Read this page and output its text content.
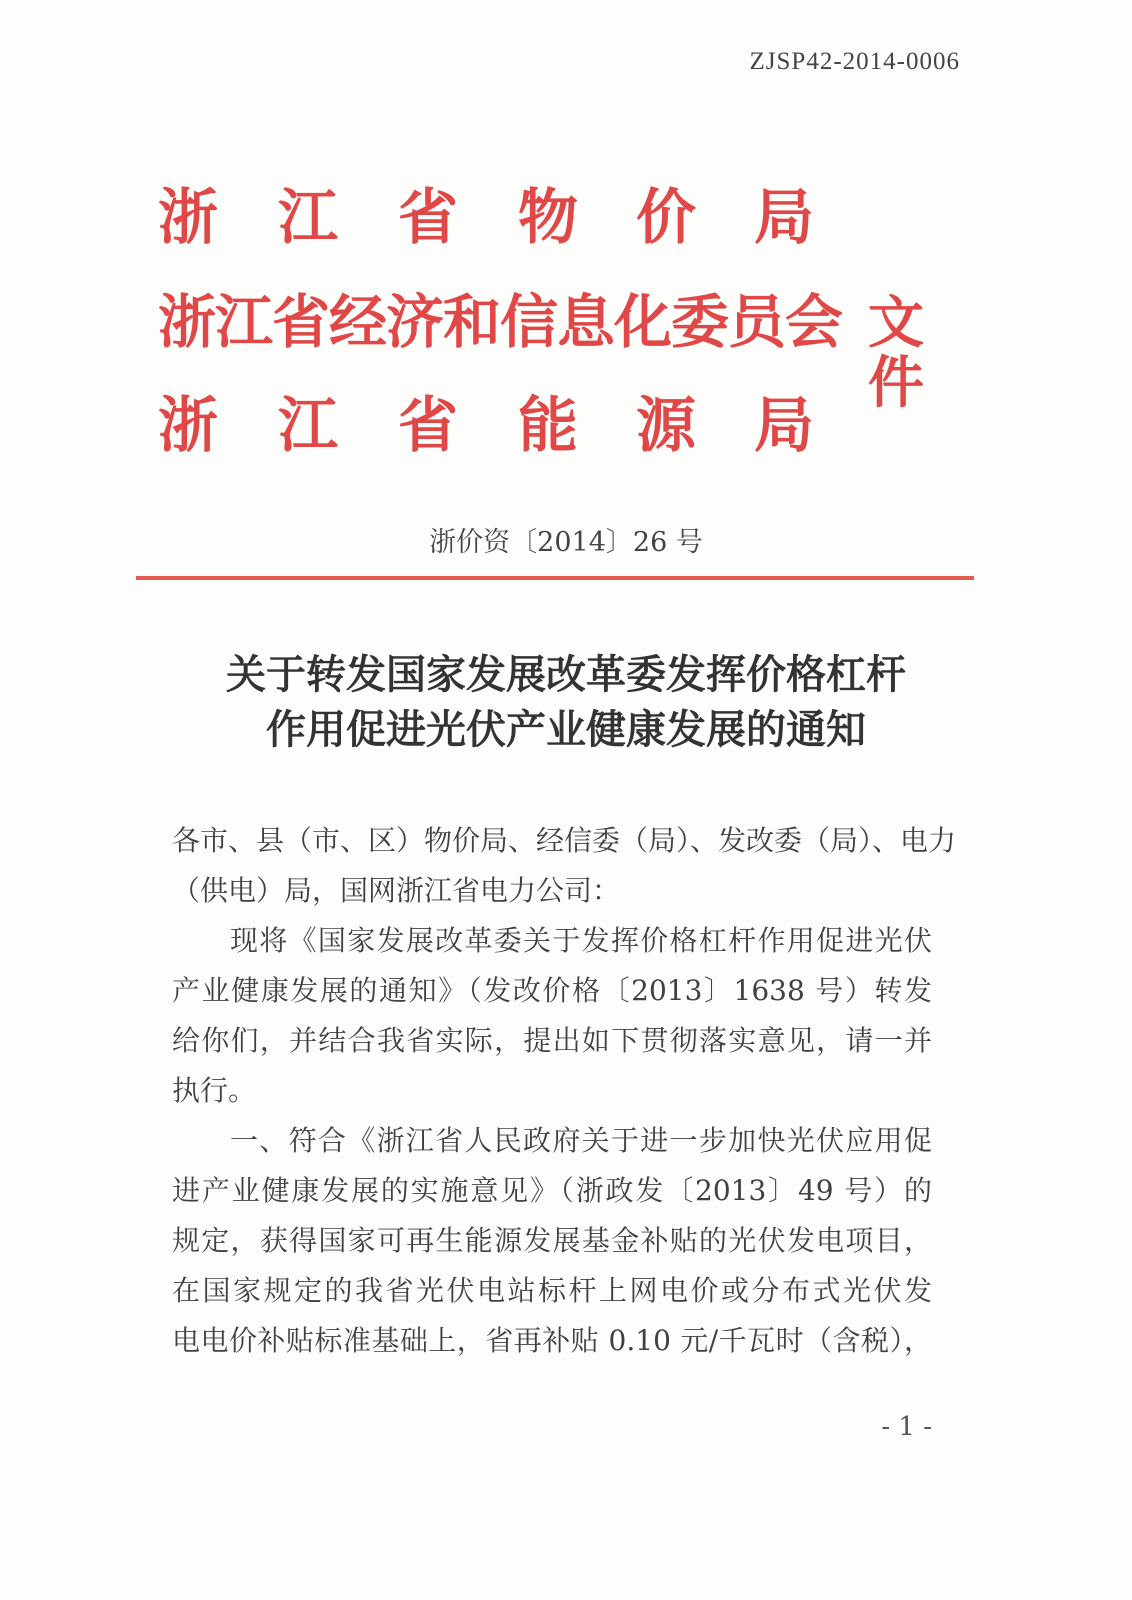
ZJSP42-2014-0006
浙 江 省 物 价 局
浙江省经济和信息化委员会 文件
浙 江 省 能 源 局
浙价资〔2014〕26 号
关于转发国家发展改革委发挥价格杠杆
作用促进光伏产业健康发展的通知
各市、县（市、区）物价局、经信委（局）、发改委（局）、电力
（供电）局，国网浙江省电力公司：
现将《国家发展改革委关于发挥价格杠杆作用促进光伏
产业健康发展的通知》（发改价格〔2013〕1638 号）转发
给你们，并结合我省实际，提出如下贯彻落实意见，请一并
执行。
一、符合《浙江省人民政府关于进一步加快光伏应用促
进产业健康发展的实施意见》（浙政发〔2013〕49 号）的
规定，获得国家可再生能源发展基金补贴的光伏发电项目，
在国家规定的我省光伏电站标杆上网电价或分布式光伏发
电电价补贴标准基础上，省再补贴 0.10 元/千瓦时（含税），
- 1 -
